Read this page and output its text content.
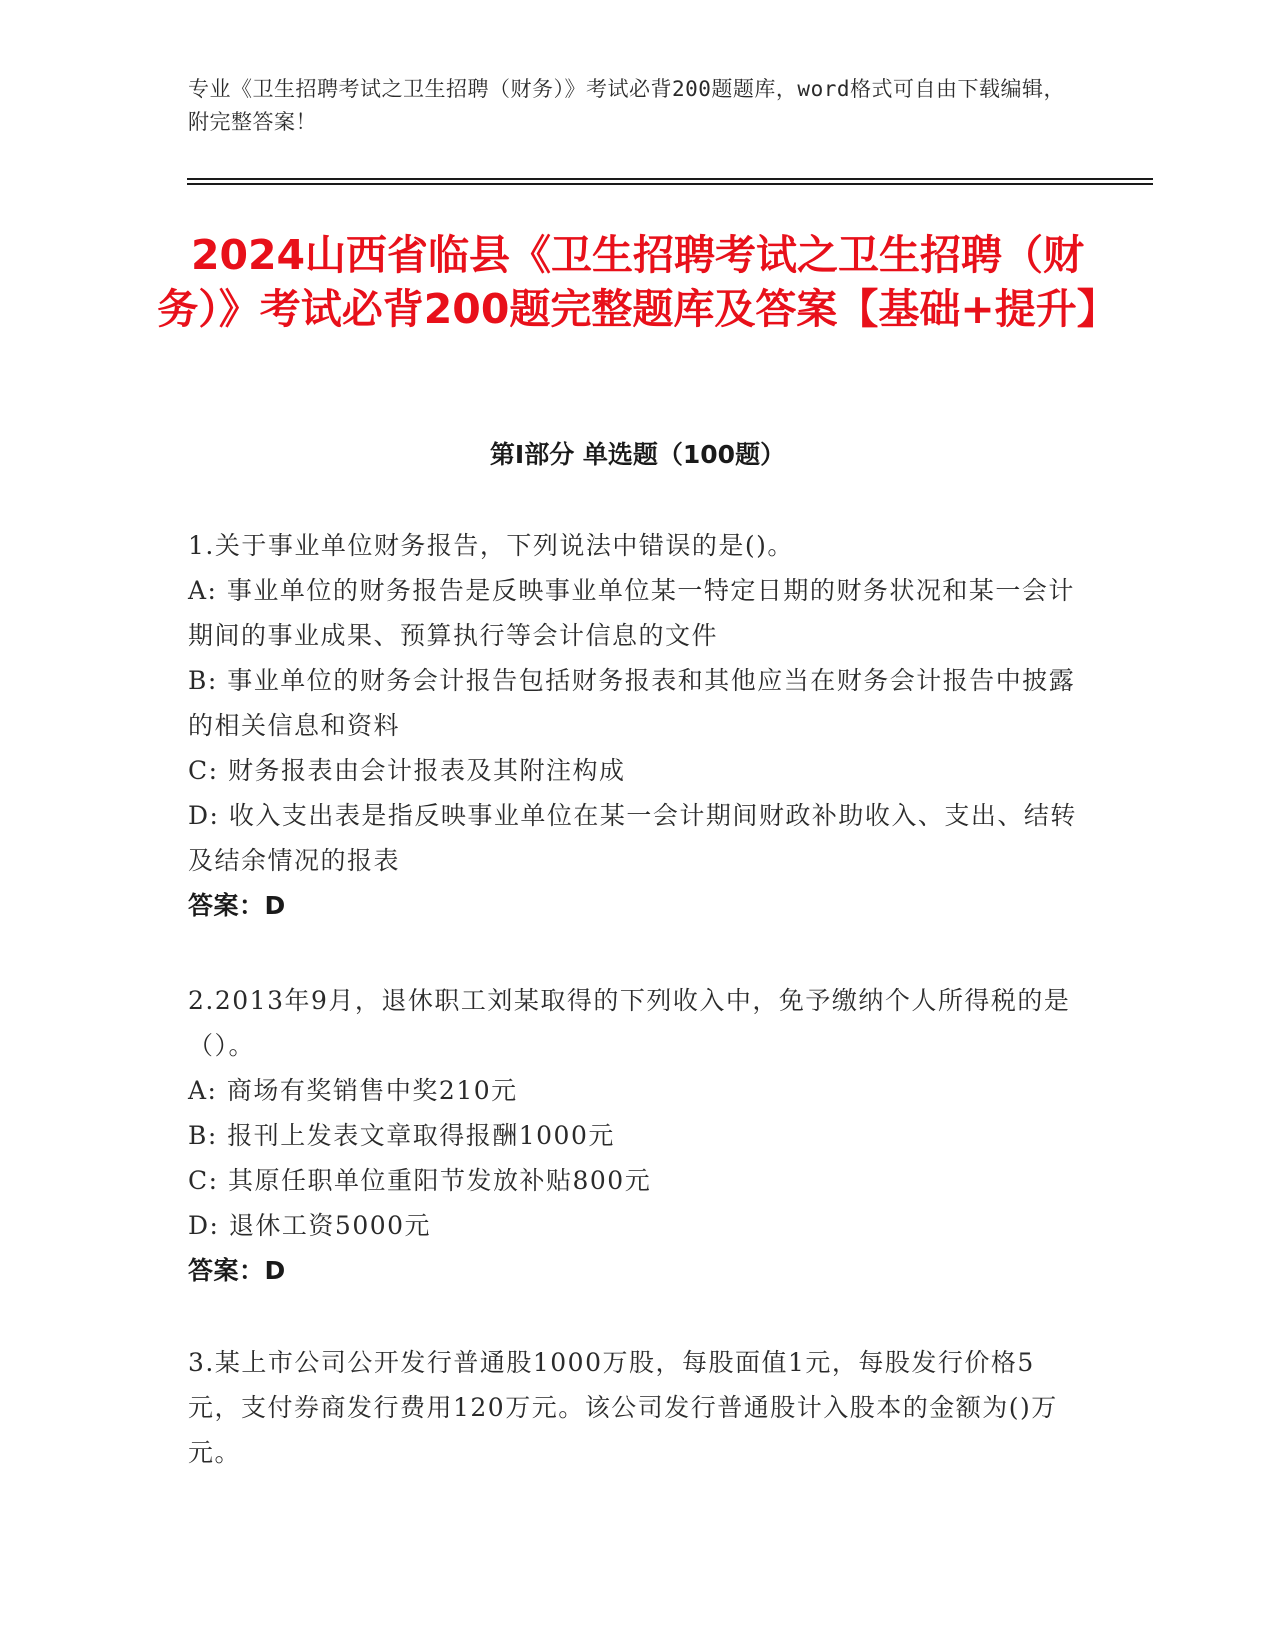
专业《卫生招聘考试之卫生招聘（财务）》考试必背200题题库，word格式可自由下载编辑，附完整答案！
2024山西省临县《卫生招聘考试之卫生招聘（财务）》考试必背200题完整题库及答案【基础+提升】
第I部分 单选题（100题）
1.关于事业单位财务报告，下列说法中错误的是()。
A: 事业单位的财务报告是反映事业单位某一特定日期的财务状况和某一会计期间的事业成果、预算执行等会计信息的文件
B: 事业单位的财务会计报告包括财务报表和其他应当在财务会计报告中披露的相关信息和资料
C: 财务报表由会计报表及其附注构成
D: 收入支出表是指反映事业单位在某一会计期间财政补助收入、支出、结转及结余情况的报表
答案：D
2.2013年9月，退休职工刘某取得的下列收入中，免予缴纳个人所得税的是（）。
A: 商场有奖销售中奖210元
B: 报刊上发表文章取得报酬1000元
C: 其原任职单位重阳节发放补贴800元
D: 退休工资5000元
答案：D
3.某上市公司公开发行普通股1000万股，每股面值1元，每股发行价格5元，支付券商发行费用120万元。该公司发行普通股计入股本的金额为()万元。
